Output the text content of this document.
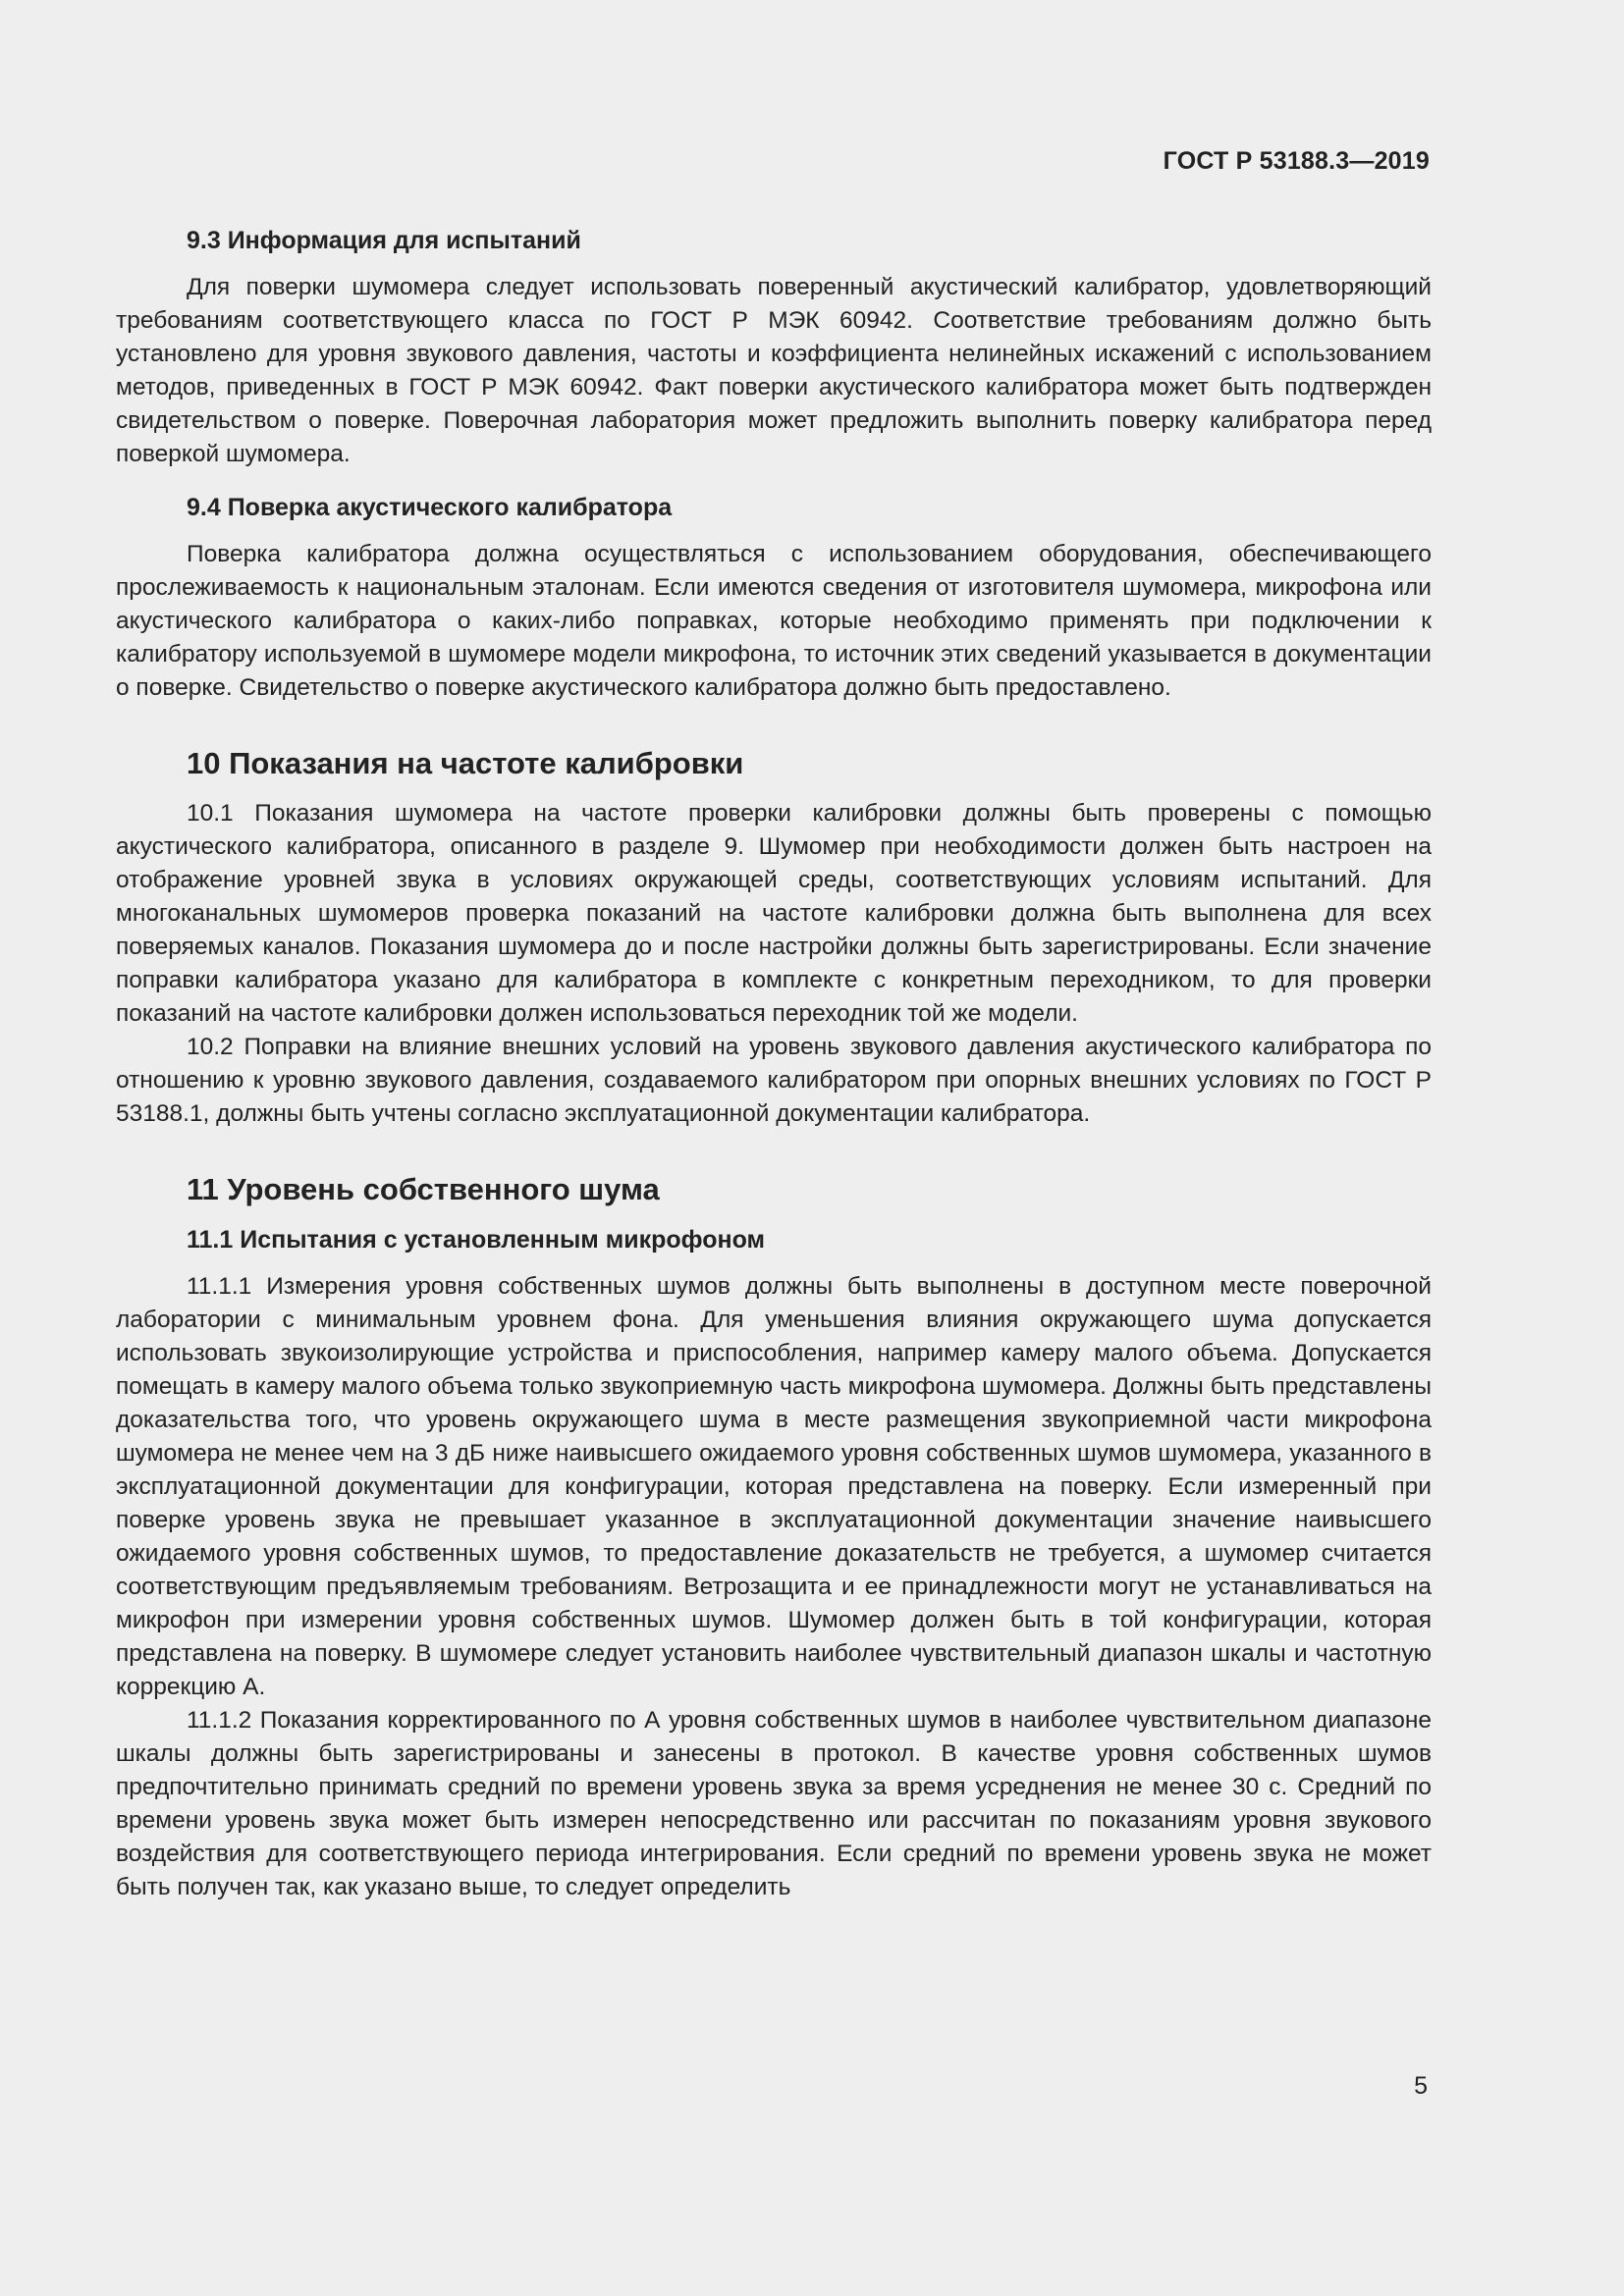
ГОСТ Р 53188.3—2019
9.3 Информация для испытаний

Для поверки шумомера следует использовать поверенный акустический калибратор, удовлетворяющий требованиям соответствующего класса по ГОСТ Р МЭК 60942. Соответствие требованиям должно быть установлено для уровня звукового давления, частоты и коэффициента нелинейных искажений с использованием методов, приведенных в ГОСТ Р МЭК 60942. Факт поверки акустического калибратора может быть подтвержден свидетельством о поверке. Поверочная лаборатория может предложить выполнить поверку калибратора перед поверкой шумомера.

9.4 Поверка акустического калибратора

Поверка калибратора должна осуществляться с использованием оборудования, обеспечивающего прослеживаемость к национальным эталонам. Если имеются сведения от изготовителя шумомера, микрофона или акустического калибратора о каких-либо поправках, которые необходимо применять при подключении к калибратору используемой в шумомере модели микрофона, то источник этих сведений указывается в документации о поверке. Свидетельство о поверке акустического калибратора должно быть предоставлено.

10 Показания на частоте калибровки

10.1 Показания шумомера на частоте проверки калибровки должны быть проверены с помощью акустического калибратора, описанного в разделе 9. Шумомер при необходимости должен быть настроен на отображение уровней звука в условиях окружающей среды, соответствующих условиям испытаний. Для многоканальных шумомеров проверка показаний на частоте калибровки должна быть выполнена для всех поверяемых каналов. Показания шумомера до и после настройки должны быть зарегистрированы. Если значение поправки калибратора указано для калибратора в комплекте с конкретным переходником, то для проверки показаний на частоте калибровки должен использоваться переходник той же модели.

10.2 Поправки на влияние внешних условий на уровень звукового давления акустического калибратора по отношению к уровню звукового давления, создаваемого калибратором при опорных внешних условиях по ГОСТ Р 53188.1, должны быть учтены согласно эксплуатационной документации калибратора.

11 Уровень собственного шума
11.1 Испытания с установленным микрофоном

11.1.1 Измерения уровня собственных шумов должны быть выполнены в доступном месте поверочной лаборатории с минимальным уровнем фона. Для уменьшения влияния окружающего шума допускается использовать звукоизолирующие устройства и приспособления, например камеру малого объема. Допускается помещать в камеру малого объема только звукоприемную часть микрофона шумомера. Должны быть представлены доказательства того, что уровень окружающего шума в месте размещения звукоприемной части микрофона шумомера не менее чем на 3 дБ ниже наивысшего ожидаемого уровня собственных шумов шумомера, указанного в эксплуатационной документации для конфигурации, которая представлена на поверку. Если измеренный при поверке уровень звука не превышает указанное в эксплуатационной документации значение наивысшего ожидаемого уровня собственных шумов, то предоставление доказательств не требуется, а шумомер считается соответствующим предъявляемым требованиям. Ветрозащита и ее принадлежности могут не устанавливаться на микрофон при измерении уровня собственных шумов. Шумомер должен быть в той конфигурации, которая представлена на поверку. В шумомере следует установить наиболее чувствительный диапазон шкалы и частотную коррекцию А.

11.1.2 Показания корректированного по А уровня собственных шумов в наиболее чувствительном диапазоне шкалы должны быть зарегистрированы и занесены в протокол. В качестве уровня собственных шумов предпочтительно принимать средний по времени уровень звука за время усреднения не менее 30 с. Средний по времени уровень звука может быть измерен непосредственно или рассчитан по показаниям уровня звукового воздействия для соответствующего периода интегрирования. Если средний по времени уровень звука не может быть получен так, как указано выше, то следует определить

5
